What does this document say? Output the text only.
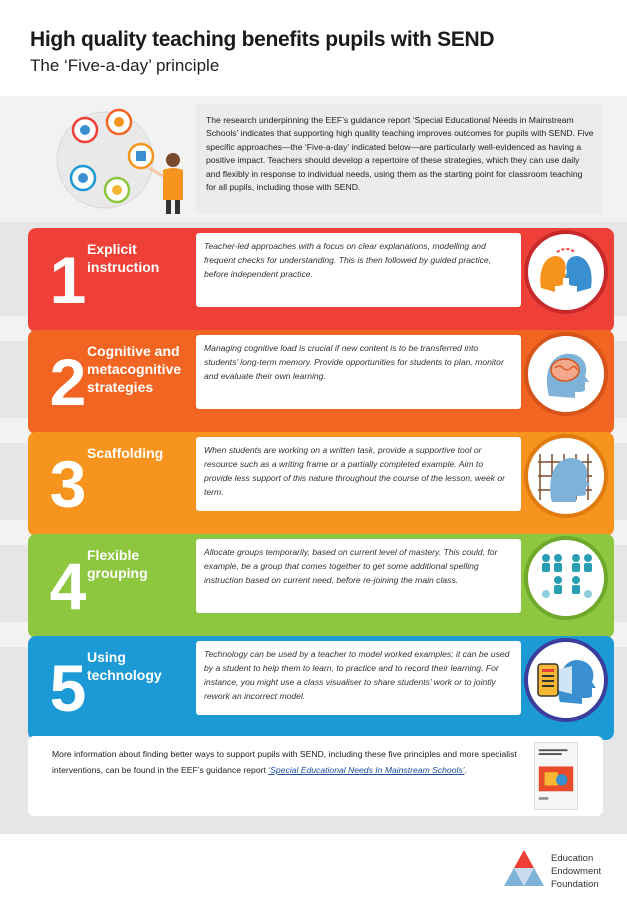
High quality teaching benefits pupils with SEND
The ‘Five-a-day’ principle
The research underpinning the EEF’s guidance report ‘Special Educational Needs in Mainstream Schools’ indicates that supporting high quality teaching improves outcomes for pupils with SEND. Five specific approaches—the ‘Five-a-day’ indicated below—are particularly well-evidenced as having a positive impact. Teachers should develop a repertoire of these strategies, which they can use daily and flexibly in response to individual needs, using them as the starting point for classroom teaching for all pupils, including those with SEND.
1 Explicit instruction
Teacher-led approaches with a focus on clear explanations, modelling and frequent checks for understanding. This is then followed by guided practice, before independent practice.
2 Cognitive and metacognitive strategies
Managing cognitive load is crucial if new content is to be transferred into students’ long-term memory. Provide opportunities for students to plan, monitor and evaluate their own learning.
3 Scaffolding	When students are working on a written task, provide a supportive tool or resource such as a writing frame or a partially completed example. Aim to provide less support of this nature throughout the course of the lesson, week or term.
4 Flexible grouping
Allocate groups temporarily, based on current level of mastery. This could, for example, be a group that comes together to get some additional spelling instruction based on current need, before re-joining the main class.
5 Using technology
Technology can be used by a teacher to model worked examples; it can be used by a student to help them to learn, to practice and to record their learning. For instance, you might use a class visualiser to share students’ work or to jointly rework an incorrect model.
More information about finding better ways to support pupils with SEND, including these five principles and more specialist interventions, can be found in the EEF’s guidance report ‘Special Educational Needs In Mainstream Schools’.
Education
Endowment
Foundation
